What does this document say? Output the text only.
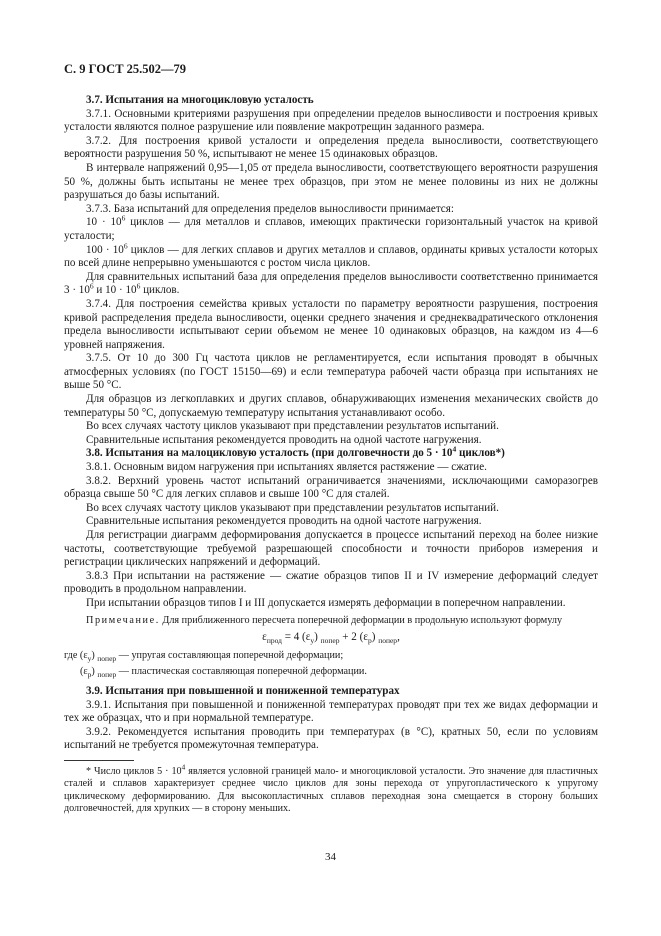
С. 9 ГОСТ 25.502—79

3.7. Испытания на многоцикловую усталость

3.7.1. Основными критериями разрушения при определении пределов выносливости и построения кривых усталости являются полное разрушение или появление макротрещин заданного размера.

3.7.2. Для построения кривой усталости и определения предела выносливости, соответствующего вероятности разрушения 50 %, испытывают не менее 15 одинаковых образцов.

В интервале напряжений 0,95—1,05 от предела выносливости, соответствующего вероятности разрушения 50 %, должны быть испытаны не менее трех образцов, при этом не менее половины из них не должны разрушаться до базы испытаний.

3.7.3. База испытаний для определения пределов выносливости принимается:

$10 \cdot 10^6$ циклов — для металлов и сплавов, имеющих практически горизонтальный участок на кривой усталости;

$100 \cdot 10^6$ циклов — для легких сплавов и других металлов и сплавов, ординаты кривых усталости которых по всей длине непрерывно уменьшаются с ростом числа циклов.

Для сравнительных испытаний база для определения пределов выносливости соответственно принимается $3 \cdot 10^6$ и $10 \cdot 10^6$ циклов.

3.7.4. Для построения семейства кривых усталости по параметру вероятности разрушения, построения кривой распределения предела выносливости, оценки среднего значения и среднеквадратического отклонения предела выносливости испытывают серии объемом не менее 10 одинаковых образцов, на каждом из 4—6 уровней напряжения.

3.7.5. От 10 до 300 Гц частота циклов не регламентируется, если испытания проводят в обычных атмосферных условиях (по ГОСТ 15150—69) и если температура рабочей части образца при испытаниях не выше 50 °С.

Для образцов из легкоплавких и других сплавов, обнаруживающих изменения механических свойств до температуры 50 °С, допускаемую температуру испытания устанавливают особо.

Во всех случаях частоту циклов указывают при представлении результатов испытаний.

Сравнительные испытания рекомендуется проводить на одной частоте нагружения.

3.8. Испытания на малоцикловую усталость (при долговечности до $5 \cdot 10^4$ циклов*)

3.8.1. Основным видом нагружения при испытаниях является растяжение — сжатие.

3.8.2. Верхний уровень частот испытаний ограничивается значениями, исключающими саморазогрев образца свыше 50 °С для легких сплавов и свыше 100 °С для сталей.

Во всех случаях частоту циклов указывают при представлении результатов испытаний.

Сравнительные испытания рекомендуется проводить на одной частоте нагружения.

Для регистрации диаграмм деформирования допускается в процессе испытаний переход на более низкие частоты, соответствующие требуемой разрешающей способности и точности приборов измерения и регистрации циклических напряжений и деформаций.

3.8.3 При испытании на растяжение — сжатие образцов типов II и IV измерение деформаций следует проводить в продольном направлении.

При испытании образцов типов I и III допускается измерять деформации в поперечном направлении.

Примечание. Для приближенного пересчета поперечной деформации в продольную используют формулу

$\varepsilon_{прод} = 4$ $(\varepsilon_y) _{попер} + 2$ $(\varepsilon_p)$ $_{попер}$,

где $(\varepsilon_y)$ $_{попер}$ — упругая составляющая поперечной деформации;

$(\varepsilon_p)$ $_{попер}$ — пластическая составляющая поперечной деформации.

3.9. Испытания при повышенной и пониженной температурах

3.9.1. Испытания при повышенной и пониженной температурах проводят при тех же видах деформации и тех же образцах, что и при нормальной температуре.

3.9.2. Рекомендуется испытания проводить при температурах (в °С), кратных 50, если по условиям испытаний не требуется промежуточная температура.

* Число циклов $5 \cdot 10^4$ является условной границей мало- и многоцикловой усталости. Это значение для пластичных сталей и сплавов характеризует среднее число циклов для зоны перехода от упругопластического к упругому циклическому деформированию. Для высокопластичных сплавов переходная зона смещается в сторону больших долговечностей, для хрупких — в сторону меньших.

34
